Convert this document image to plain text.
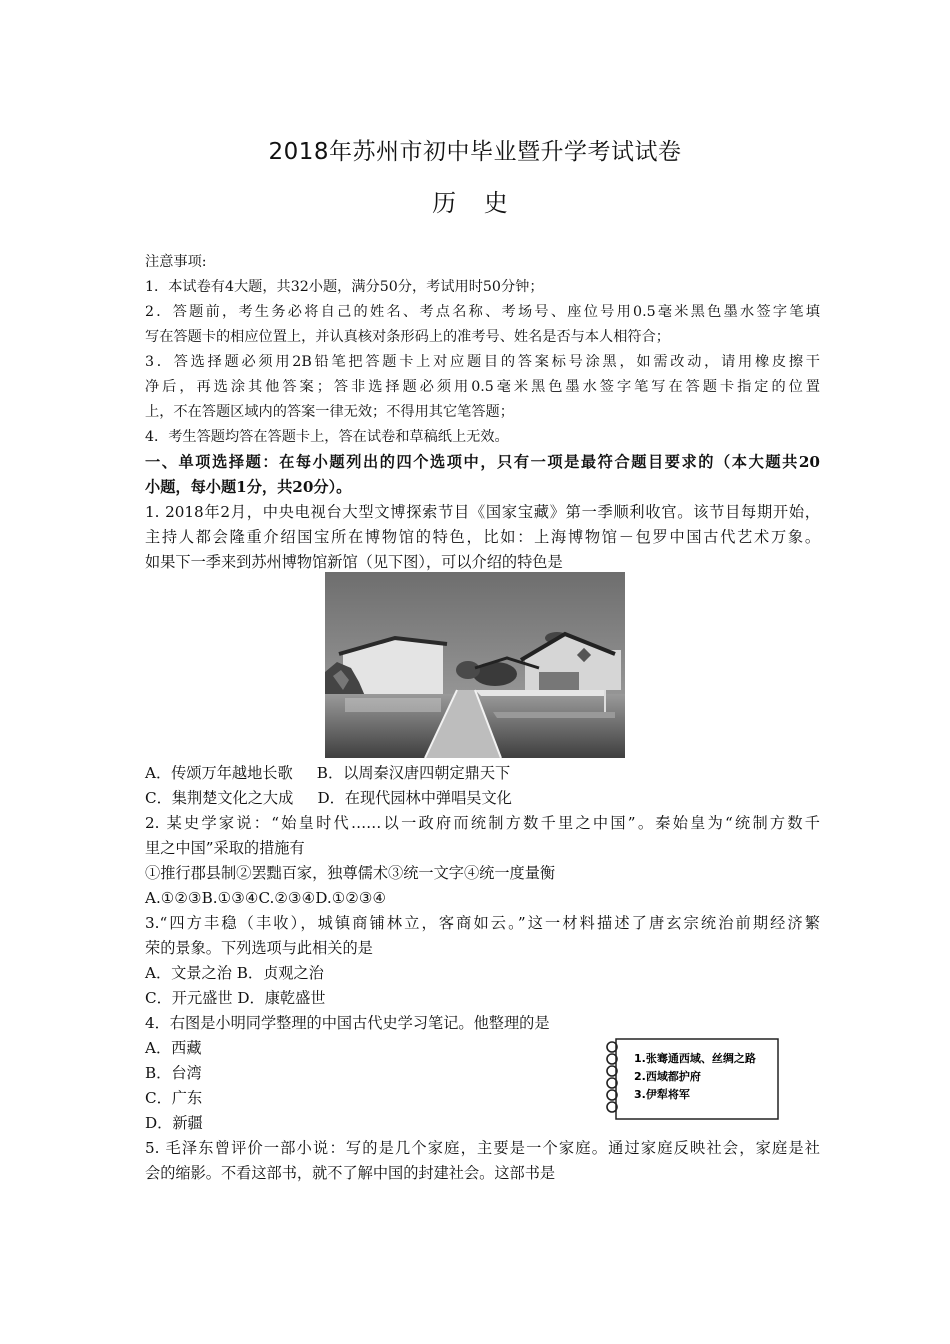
2018年苏州市初中毕业暨升学考试试卷
历 史
注意事项:
1．本试卷有4大题，共32小题，满分50分，考试用时50分钟；
2．答题前，考生务必将自己的姓名、考点名称、考场号、座位号用0.5毫米黑色墨水签字笔填
写在答题卡的相应位置上，并认真核对条形码上的准考号、姓名是否与本人相符合；
3．答选择题必须用2B铅笔把答题卡上对应题目的答案标号涂黑，如需改动，请用橡皮擦干
净后，再选涂其他答案；答非选择题必须用0.5毫米黑色墨水签字笔写在答题卡指定的位置
上，不在答题区域内的答案一律无效；不得用其它笔答题；
4．考生答题均答在答题卡上，答在试卷和草稿纸上无效。
一、单项选择题：在每小题列出的四个选项中，只有一项是最符合题目要求的（本大题共20
小题，每小题1分，共20分）。
1. 2018年2月，中央电视台大型文博探索节目《国家宝藏》第一季顺利收官。该节目每期开始，
主持人都会隆重介绍国宝所在博物馆的特色，比如：上海博物馆－包罗中国古代艺术万象。
如果下一季来到苏州博物馆新馆（见下图），可以介绍的特色是
A．传颂万年越地长歌     B．以周秦汉唐四朝定鼎天下
C．集荆楚文化之大成     D．在现代园林中弹唱吴文化
2. 某史学家说：“始皇时代……以一政府而统制方数千里之中国”。秦始皇为“统制方数千
里之中国”采取的措施有
①推行郡县制②罢黜百家，独尊儒术③统一文字④统一度量衡
A.①②③B.①③④C.②③④D.①②③④
3.“四方丰稳（丰收），城镇商铺林立，客商如云。”这一材料描述了唐玄宗统治前期经济繁
荣的景象。下列选项与此相关的是
A．文景之治 B．贞观之治
C．开元盛世 D．康乾盛世
4．右图是小明同学整理的中国古代史学习笔记。他整理的是
A．西藏
B．台湾
C．广东
D．新疆
5. 毛泽东曾评价一部小说：写的是几个家庭，主要是一个家庭。通过家庭反映社会，家庭是社
会的缩影。不看这部书，就不了解中国的封建社会。这部书是
1.张骞通西域、丝绸之路
2.西域都护府
3.伊犁将军
